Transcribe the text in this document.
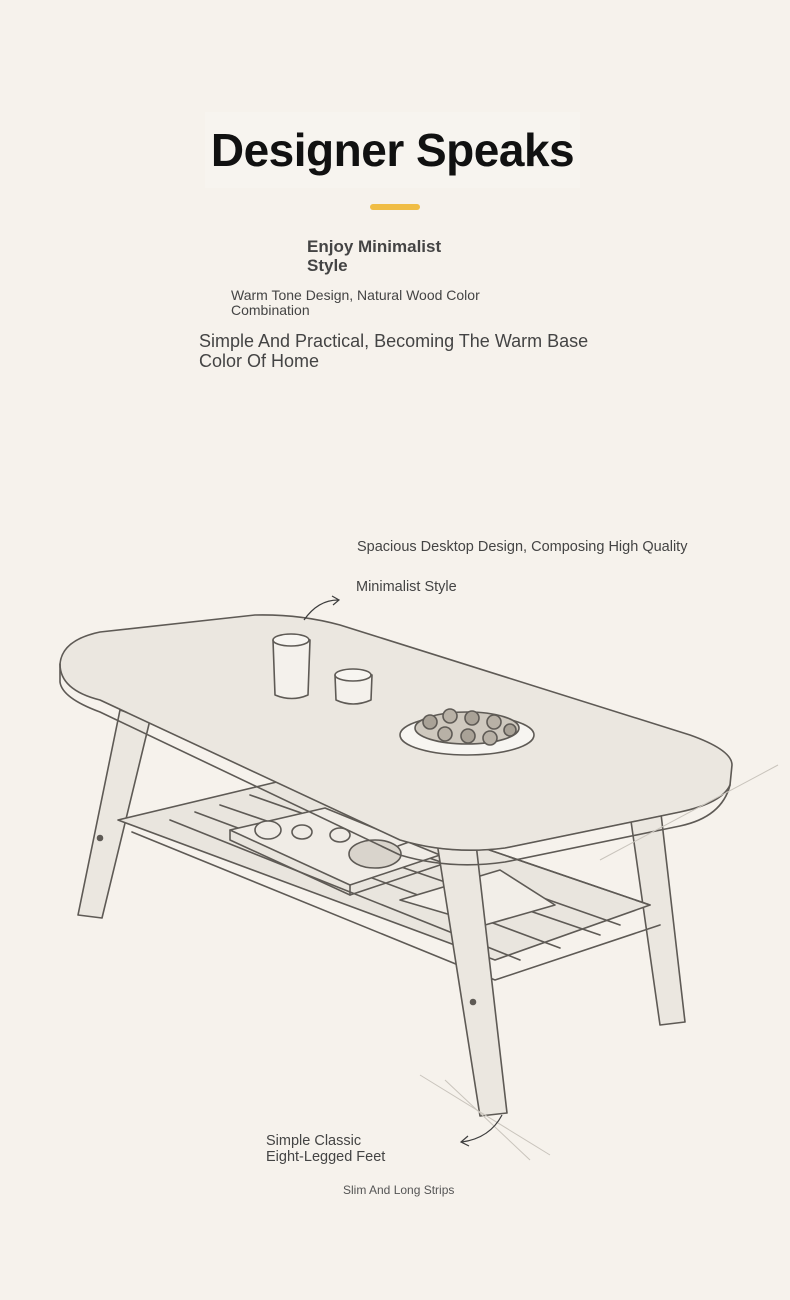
Designer Speaks
Enjoy Minimalist
Style
Warm Tone Design, Natural Wood Color
Combination
Simple And Practical, Becoming The Warm Base
Color Of Home
Spacious Desktop Design, Composing High Quality
Minimalist Style
Simple Classic
Eight-Legged Feet
Slim And Long Strips
